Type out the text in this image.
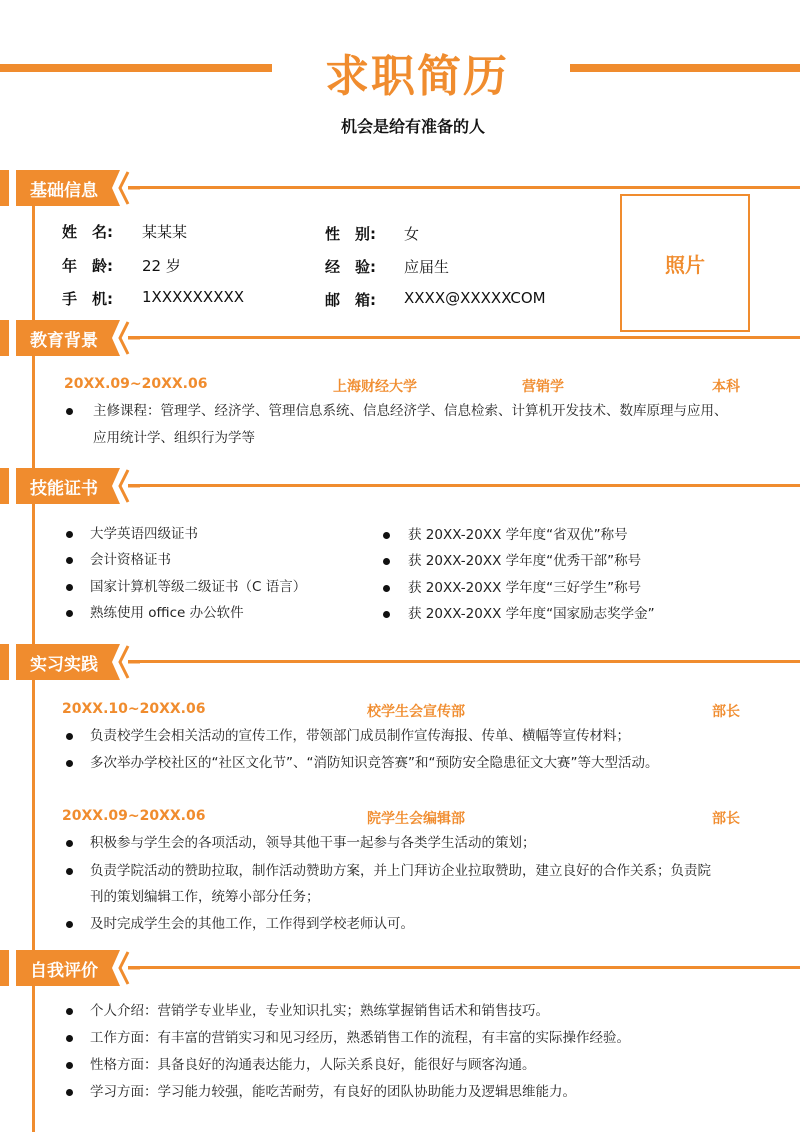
求职简历
机会是给有准备的人
基础信息
姓　名: 某某某	性　别: 女
年　龄: 22 岁	经　验: 应届生
手　机: 1XXXXXXXXX	邮　箱: XXXX@XXXXXCOM
照片
教育背景
20XX.09~20XX.06	上海财经大学	营销学	本科
主修课程：管理学、经济学、管理信息系统、信息经济学、信息检索、计算机开发技术、数库原理与应用、
应用统计学、组织行为学等
技能证书
大学英语四级证书
会计资格证书
国家计算机等级二级证书（C 语言）
熟练使用 office 办公软件
获 20XX-20XX 学年度“省双优”称号
获 20XX-20XX 学年度“优秀干部”称号
获 20XX-20XX 学年度“三好学生”称号
获 20XX-20XX 学年度“国家励志奖学金”
实习实践
20XX.10~20XX.06	校学生会宣传部	部长
负责校学生会相关活动的宣传工作，带领部门成员制作宣传海报、传单、横幅等宣传材料；
多次举办学校社区的“社区文化节”、“消防知识竞答赛”和“预防安全隐患征文大赛”等大型活动。
20XX.09~20XX.06	院学生会编辑部	部长
积极参与学生会的各项活动，领导其他干事一起参与各类学生活动的策划；
负责学院活动的赞助拉取，制作活动赞助方案，并上门拜访企业拉取赞助，建立良好的合作关系；负责院
刊的策划编辑工作，统筹小部分任务；
及时完成学生会的其他工作，工作得到学校老师认可。
自我评价
个人介绍：营销学专业毕业，专业知识扎实；熟练掌握销售话术和销售技巧。
工作方面：有丰富的营销实习和见习经历，熟悉销售工作的流程，有丰富的实际操作经验。
性格方面：具备良好的沟通表达能力，人际关系良好，能很好与顾客沟通。
学习方面：学习能力较强，能吃苦耐劳，有良好的团队协助能力及逻辑思维能力。
